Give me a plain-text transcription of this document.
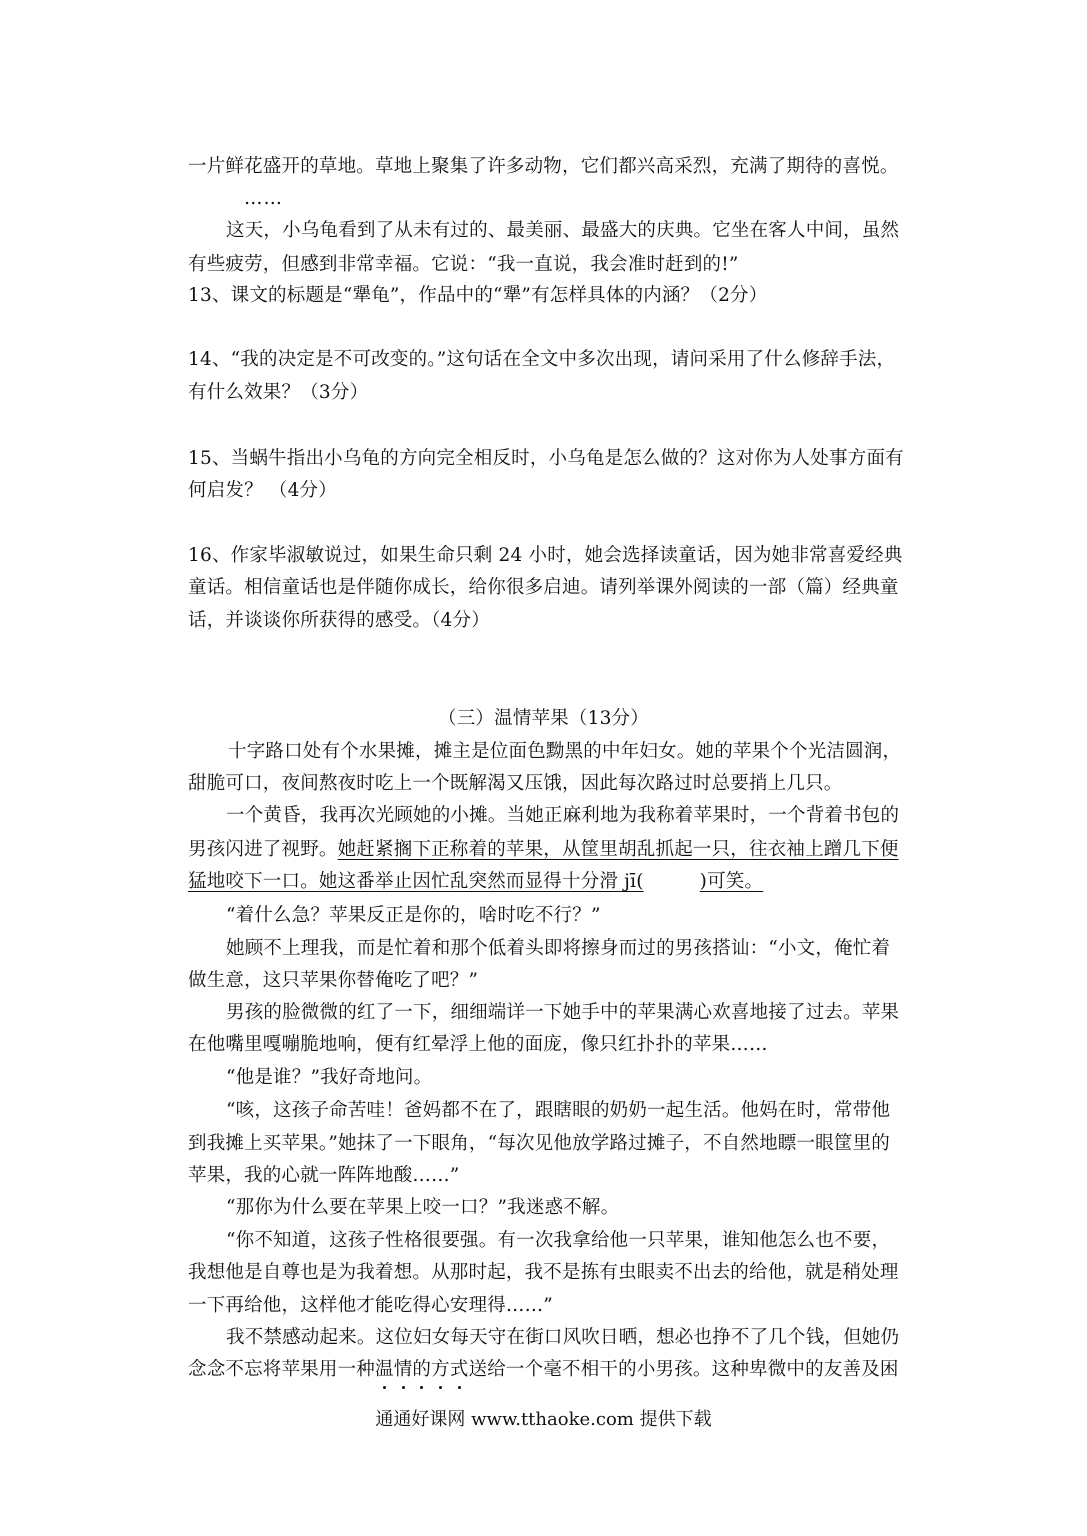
一片鲜花盛开的草地。草地上聚集了许多动物，它们都兴高采烈，充满了期待的喜悦。
……
这天，小乌龟看到了从未有过的、最美丽、最盛大的庆典。它坐在客人中间，虽然
有些疲劳，但感到非常幸福。它说：“我一直说，我会准时赶到的!”
13、课文的标题是“犟龟”，作品中的“犟”有怎样具体的内涵？（2分）
14、“我的决定是不可改变的。”这句话在全文中多次出现，请问采用了什么修辞手法，
有什么效果？（3分）
15、当蜗牛指出小乌龟的方向完全相反时，小乌龟是怎么做的？这对你为人处事方面有
何启发？ （4分）
16、作家毕淑敏说过，如果生命只剩 24 小时，她会选择读童话，因为她非常喜爱经典
童话。相信童话也是伴随你成长，给你很多启迪。请列举课外阅读的一部（篇）经典童
话，并谈谈你所获得的感受。（4分）
（三）温情苹果（13分）
十字路口处有个水果摊，摊主是位面色黝黑的中年妇女。她的苹果个个光洁圆润，
甜脆可口，夜间熬夜时吃上一个既解渴又压饿，因此每次路过时总要捎上几只。
一个黄昏，我再次光顾她的小摊。当她正麻利地为我称着苹果时，一个背着书包的
男孩闪进了视野。她赶紧搁下正称着的苹果，从筐里胡乱抓起一只，往衣袖上蹭几下便
猛地咬下一口。她这番举止因忙乱突然而显得十分滑 jī(	)可笑。
“着什么急？苹果反正是你的，啥时吃不行？”
她顾不上理我，而是忙着和那个低着头即将擦身而过的男孩搭讪：“小文，俺忙着
做生意，这只苹果你替俺吃了吧？”
男孩的脸微微的红了一下，细细端详一下她手中的苹果满心欢喜地接了过去。苹果
在他嘴里嘎嘣脆地响，便有红晕浮上他的面庞，像只红扑扑的苹果……
“他是谁？”我好奇地问。
“咳，这孩子命苦哇！爸妈都不在了，跟瞎眼的奶奶一起生活。他妈在时，常带他
到我摊上买苹果。”她抹了一下眼角，“每次见他放学路过摊子，不自然地瞟一眼筐里的
苹果，我的心就一阵阵地酸……”
“那你为什么要在苹果上咬一口？”我迷惑不解。
“你不知道，这孩子性格很要强。有一次我拿给他一只苹果，谁知他怎么也不要，
我想他是自尊也是为我着想。从那时起，我不是拣有虫眼卖不出去的给他，就是稍处理
一下再给他，这样他才能吃得心安理得……”
我不禁感动起来。这位妇女每天守在街口风吹日晒，想必也挣不了几个钱，但她仍
念念不忘将苹果用一种温情的方式送给一个毫不相干的小男孩。这种卑微中的友善及困
通通好课网 www.tthaoke.com 提供下载
